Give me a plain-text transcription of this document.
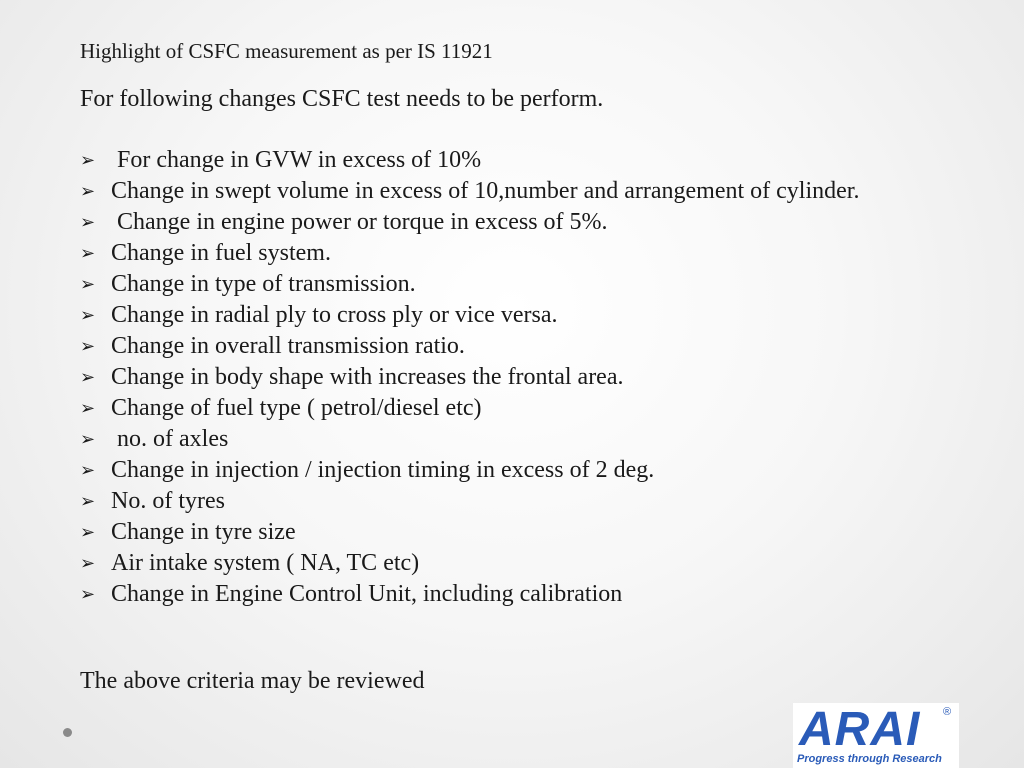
Highlight of CSFC measurement as per IS 11921
For following changes CSFC test needs to be perform.
➢ For change in GVW in excess of 10%
➢ Change in swept volume in excess of 10,number and arrangement of cylinder.
➢ Change in engine power or torque in excess of 5%.
➢ Change in fuel system.
➢ Change in type of transmission.
➢ Change in radial ply to cross ply or vice versa.
➢ Change in overall transmission ratio.
➢ Change in body shape with increases the frontal area.
➢ Change of fuel type ( petrol/diesel etc)
➢ no. of axles
➢ Change in injection / injection timing in excess of 2 deg.
➢ No. of tyres
➢ Change in tyre size
➢ Air intake system ( NA, TC etc)
➢ Change in Engine Control Unit, including calibration
The above criteria may be reviewed
ARAI ®
Progress through Research
